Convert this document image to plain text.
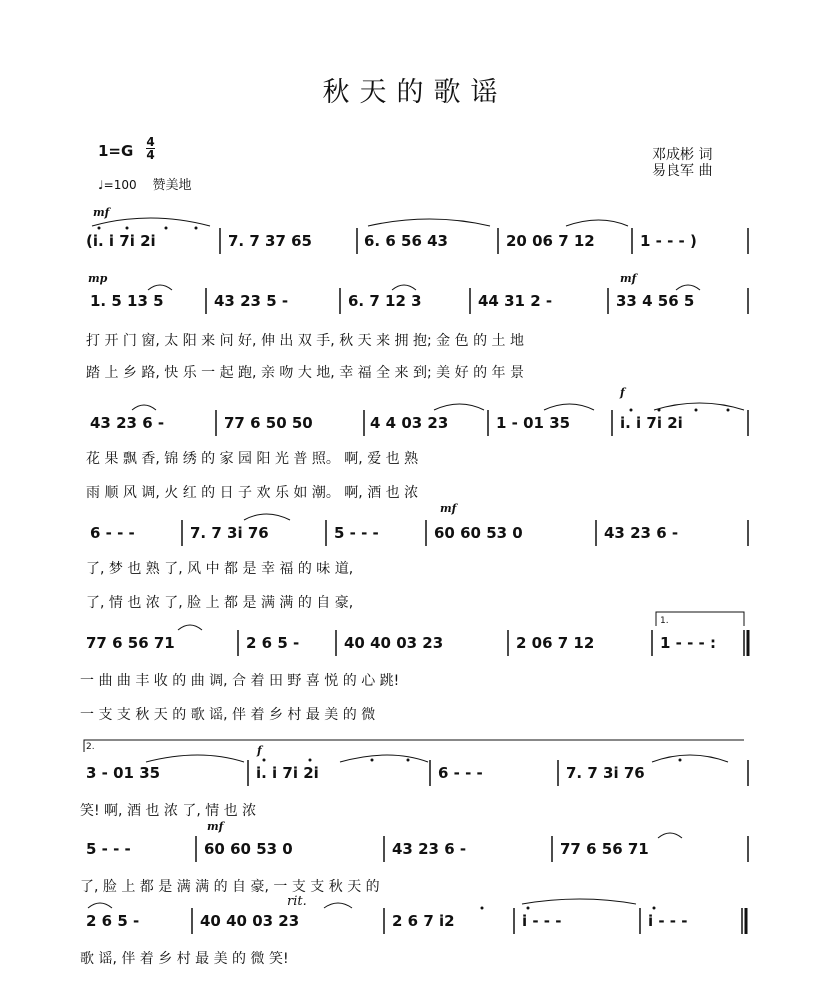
秋天的歌谣
1=G 4
4
♩=100 赞美地
邓成彬 词
易良军 曲
mf
mp	mf
f
mf
f
mf
rit.
1.
2.
(i. i 7i 2i	7. 7 37 65	6. 6 56 43	20 06 7 12	1 - - - )
1. 5 13 5	43 23 5 -	6. 7 12 3	44 31 2 -	33 4 56 5
打 开 门 窗, 太 阳 来 问 好, 伸 出 双 手, 秋 天 来 拥 抱; 金 色 的 土 地
踏 上 乡 路, 快 乐 一 起 跑, 亲 吻 大 地, 幸 福 全 来 到; 美 好 的 年 景
43 23 6 -	77 6 50 50	4 4 03 23	1 - 01 35	i. i 7i 2i
花 果 飘 香, 锦 绣 的 家 园 阳 光 普 照。 啊, 爱 也 熟
雨 顺 风 调, 火 红 的 日 子 欢 乐 如 潮。 啊, 酒 也 浓
6 - - -	7. 7 3i 76	5 - - -	60 60 53 0	43 23 6 -
了, 梦 也 熟 了, 风 中 都 是 幸 福 的 味 道,
了, 情 也 浓 了, 脸 上 都 是 满 满 的 自 豪,
77 6 56 71	2 6 5 -	40 40 03 23	2 06 7 12	1 - - - :
一 曲 曲 丰 收 的 曲 调, 合 着 田 野 喜 悦 的 心 跳!
一 支 支 秋 天 的 歌 谣, 伴 着 乡 村 最 美 的 微
3 - 01 35	i. i 7i 2i	6 - - -	7. 7 3i 76
笑! 啊, 酒 也 浓 了, 情 也 浓
5 - - -	60 60 53 0	43 23 6 -	77 6 56 71
了, 脸 上 都 是 满 满 的 自 豪, 一 支 支 秋 天 的
2 6 5 -	40 40 03 23	2 6 7 i2	i - - -	i - - -
歌 谣, 伴 着 乡 村 最 美 的 微 笑!
